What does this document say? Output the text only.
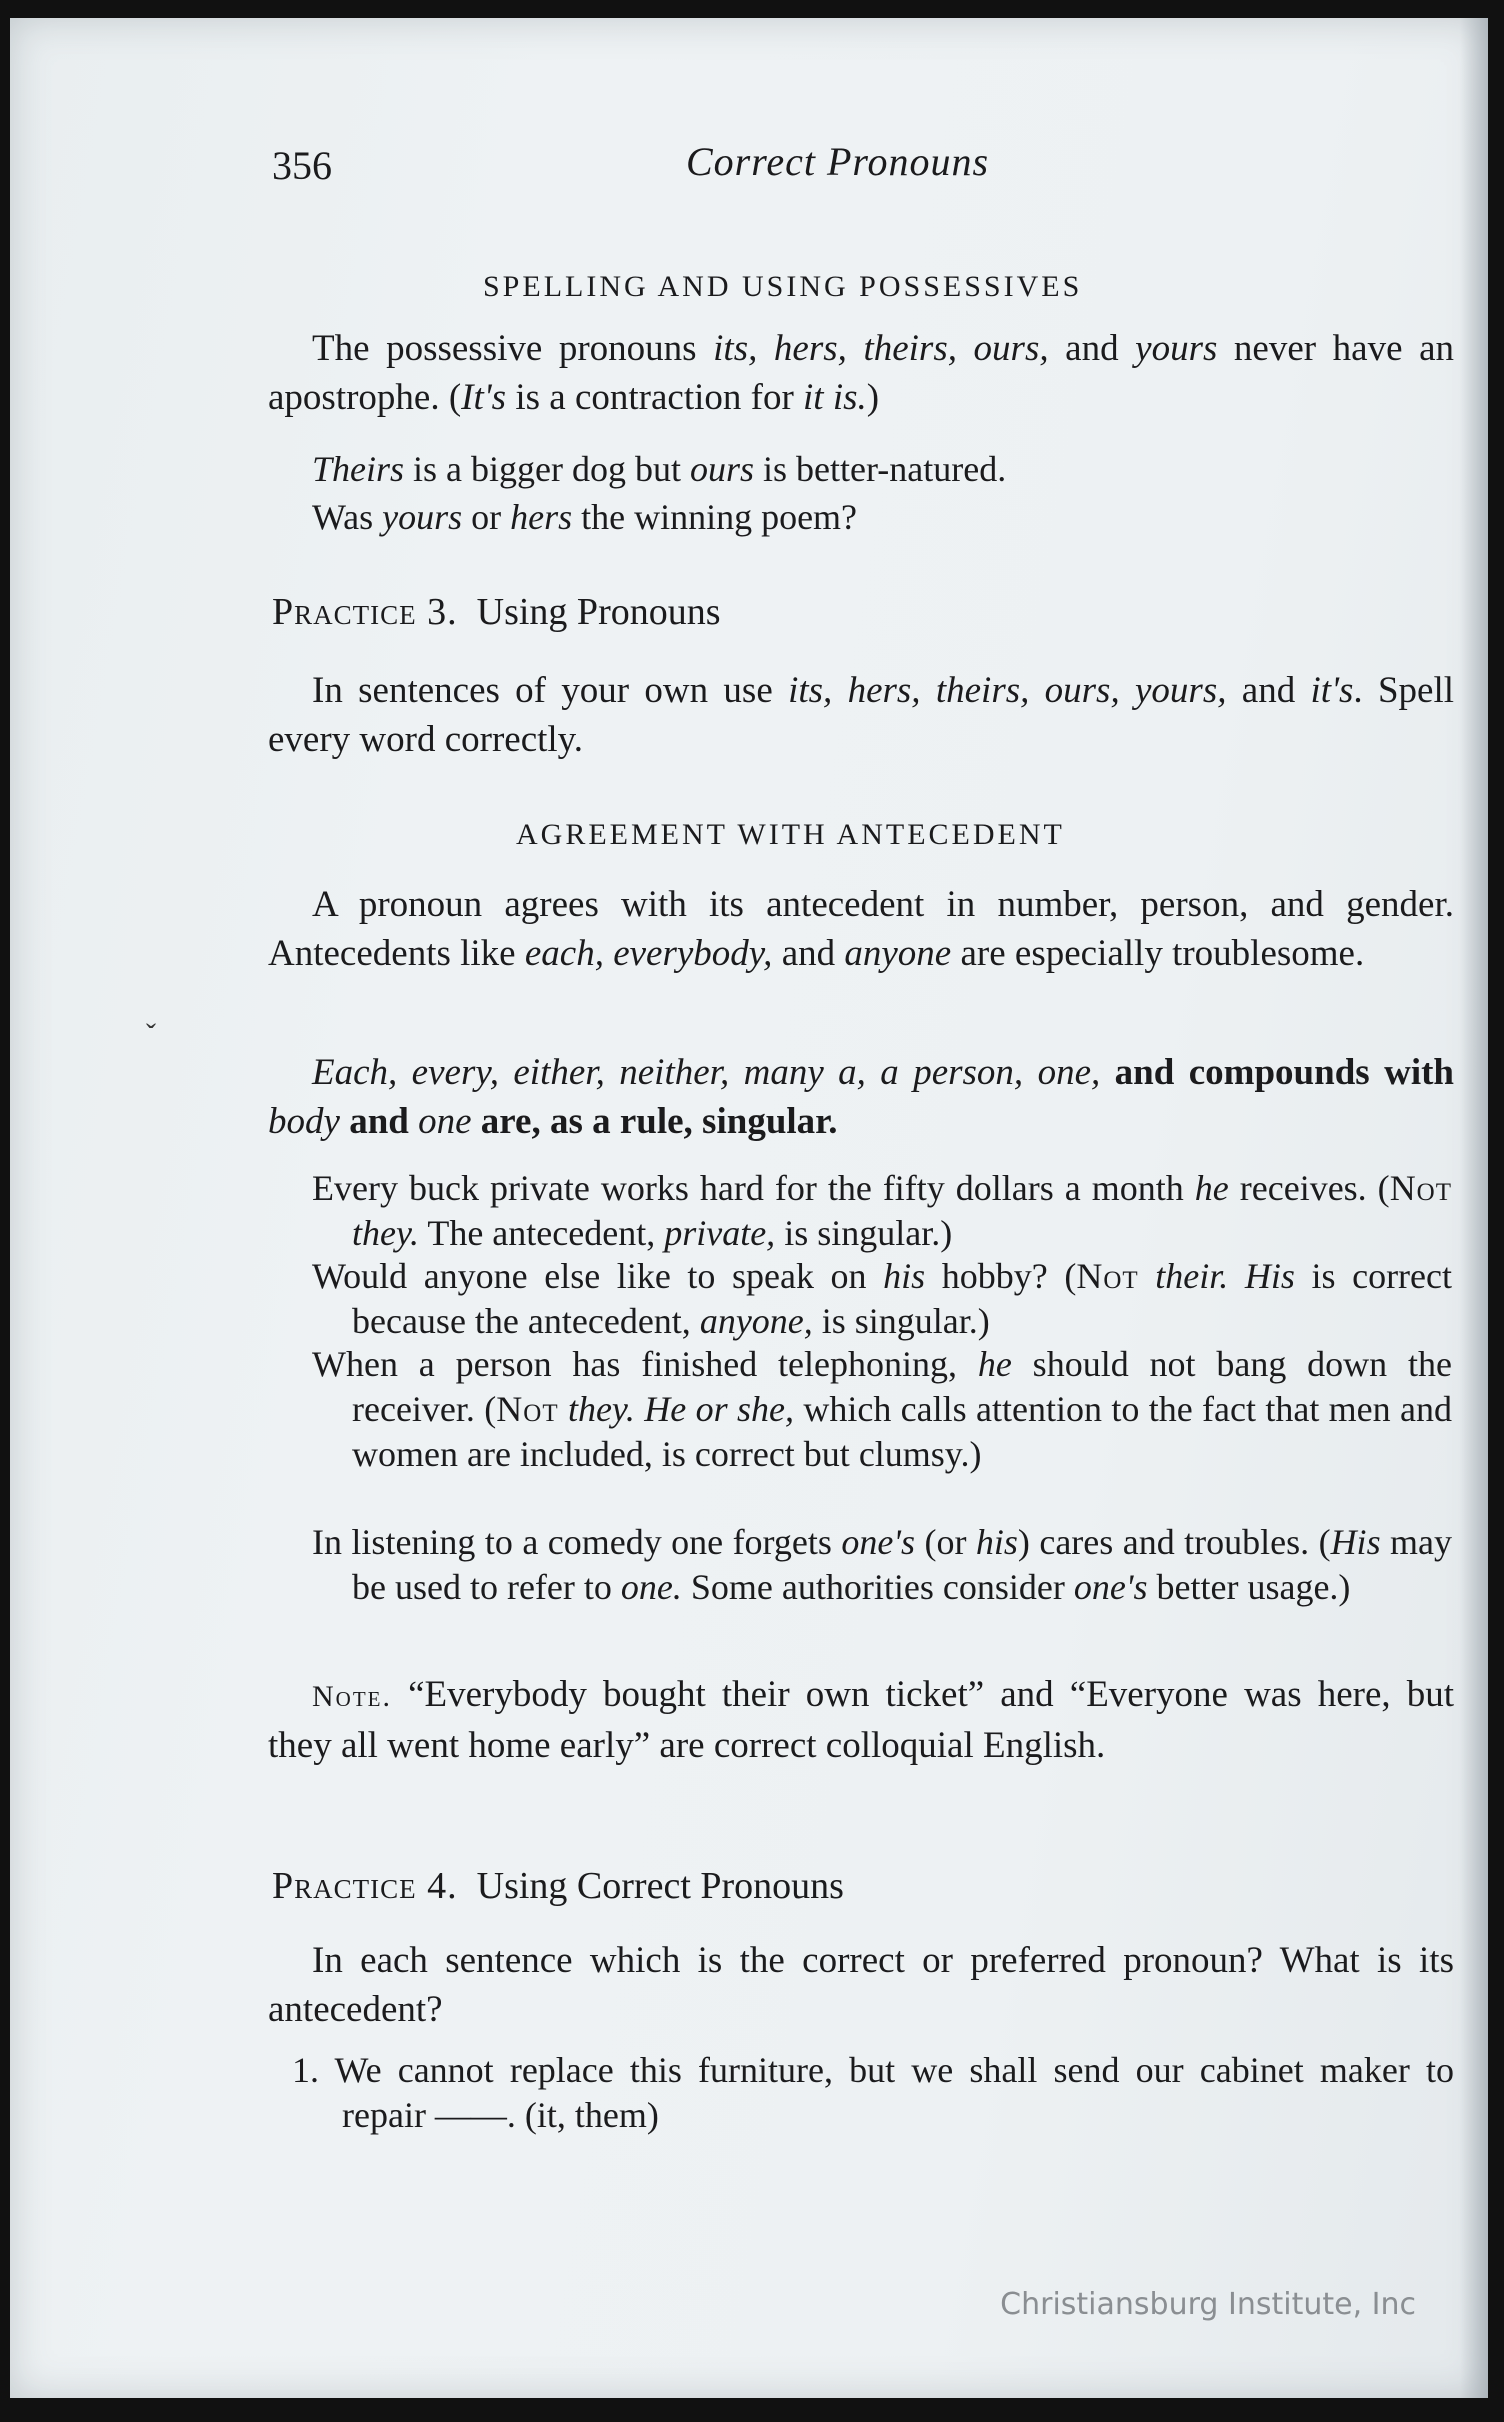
ˇ
356	Correct Pronouns
SPELLING AND USING POSSESSIVES
The possessive pronouns its, hers, theirs, ours, and yours never have an apostrophe. (It's is a contraction for it is.)
Theirs is a bigger dog but ours is better-natured.
Was yours or hers the winning poem?
Practice 3. Using Pronouns
In sentences of your own use its, hers, theirs, ours, yours, and it's. Spell every word correctly.
AGREEMENT WITH ANTECEDENT
A pronoun agrees with its antecedent in number, person, and gender. Antecedents like each, everybody, and anyone are especially troublesome.
Each, every, either, neither, many a, a person, one, and compounds with body and one are, as a rule, singular.
Every buck private works hard for the fifty dollars a month he receives. (Not they. The antecedent, private, is singular.)
Would anyone else like to speak on his hobby? (Not their. His is correct because the antecedent, anyone, is singular.)
When a person has finished telephoning, he should not bang down the receiver. (Not they. He or she, which calls attention to the fact that men and women are included, is correct but clumsy.)
In listening to a comedy one forgets one's (or his) cares and troubles. (His may be used to refer to one. Some authorities consider one's better usage.)
Note. “Everybody bought their own ticket” and “Everyone was here, but they all went home early” are correct colloquial English.
Practice 4. Using Correct Pronouns
In each sentence which is the correct or preferred pronoun? What is its antecedent?
1. We cannot replace this furniture, but we shall send our cabinet maker to repair ——. (it, them)
Christiansburg Institute, Inc
